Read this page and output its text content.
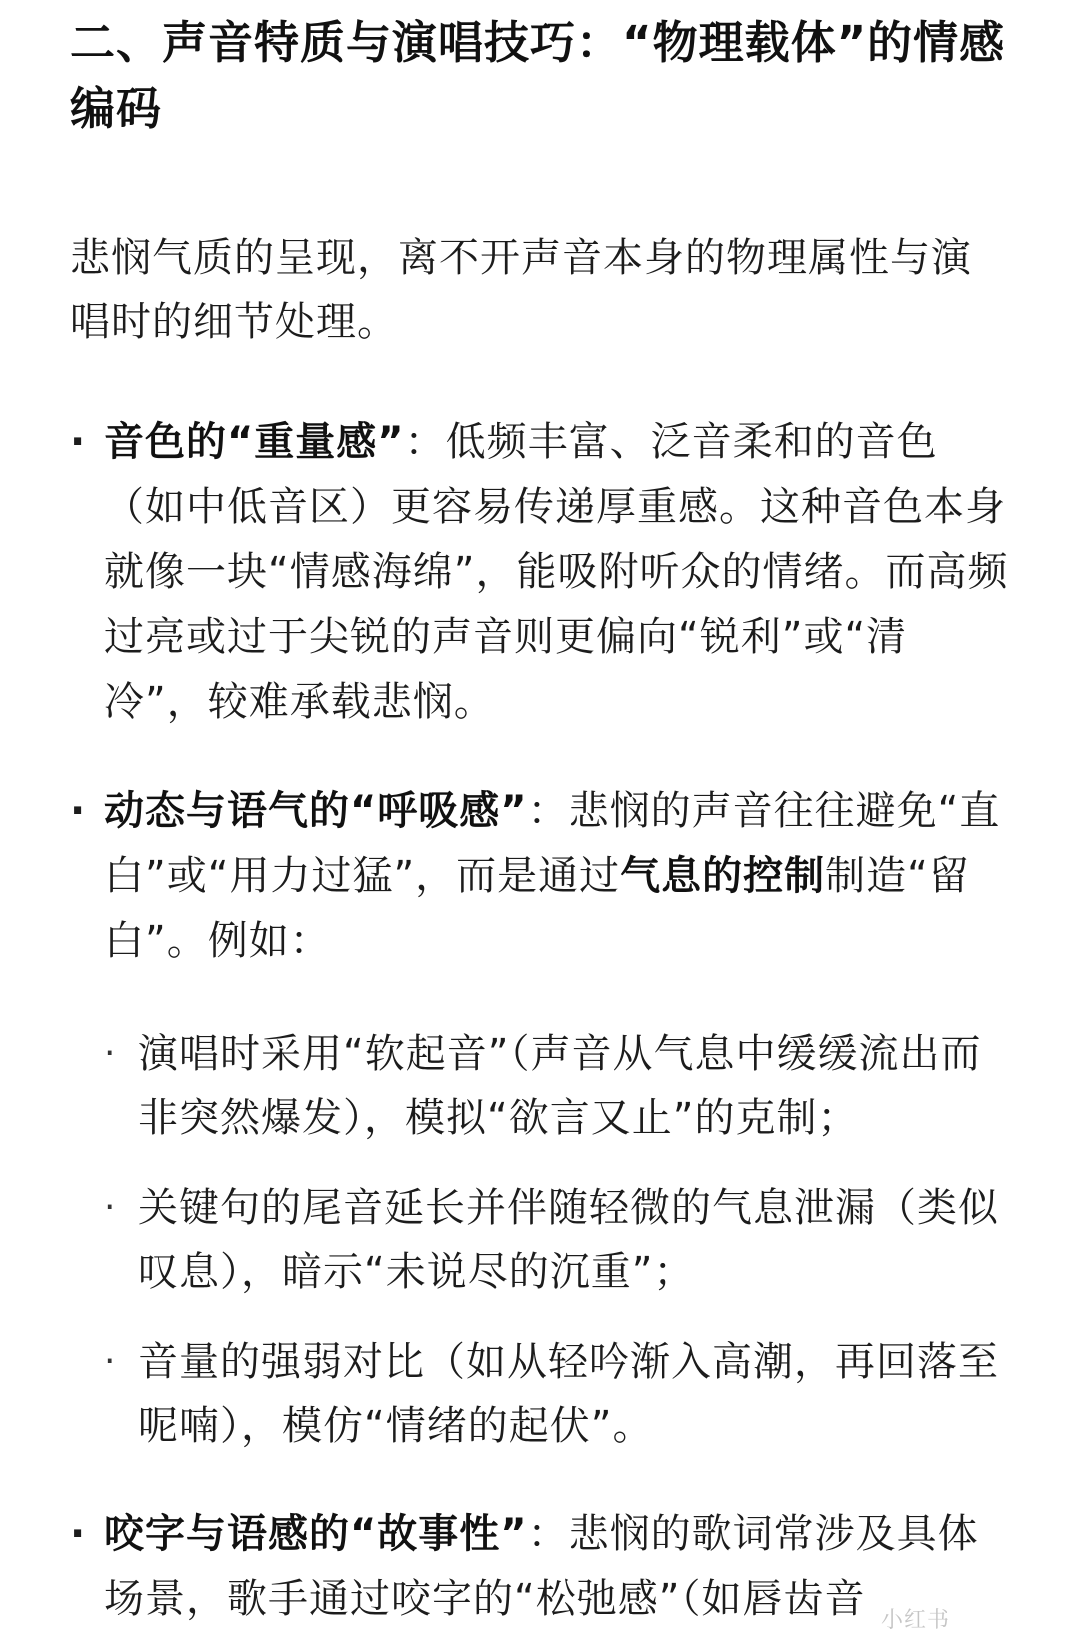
二、声音特质与演唱技巧：“物理载体”的情感编码

悲悯气质的呈现，离不开声音本身的物理属性与演唱时的细节处理。

· 音色的“重量感”：低频丰富、泛音柔和的音色（如中低音区）更容易传递厚重感。这种音色本身就像一块“情感海绵”，能吸附听众的情绪。而高频过亮或过于尖锐的声音则更偏向“锐利”或“清冷”，较难承载悲悯。
· 动态与语气的“呼吸感”：悲悯的声音往往避免“直白”或“用力过猛”，而是通过气息的控制制造“留白”。例如：
· 演唱时采用“软起音”（声音从气息中缓缓流出而非突然爆发），模拟“欲言又止”的克制；
· 关键句的尾音延长并伴随轻微的气息泄漏（类似叹息），暗示“未说尽的沉重”；
· 音量的强弱对比（如从轻吟渐入高潮，再回落至呢喃），模仿“情绪的起伏”。
· 咬字与语感的“故事性”：悲悯的歌词常涉及具体场景，歌手通过咬字的“松弛感”（如唇齿音 小红书
